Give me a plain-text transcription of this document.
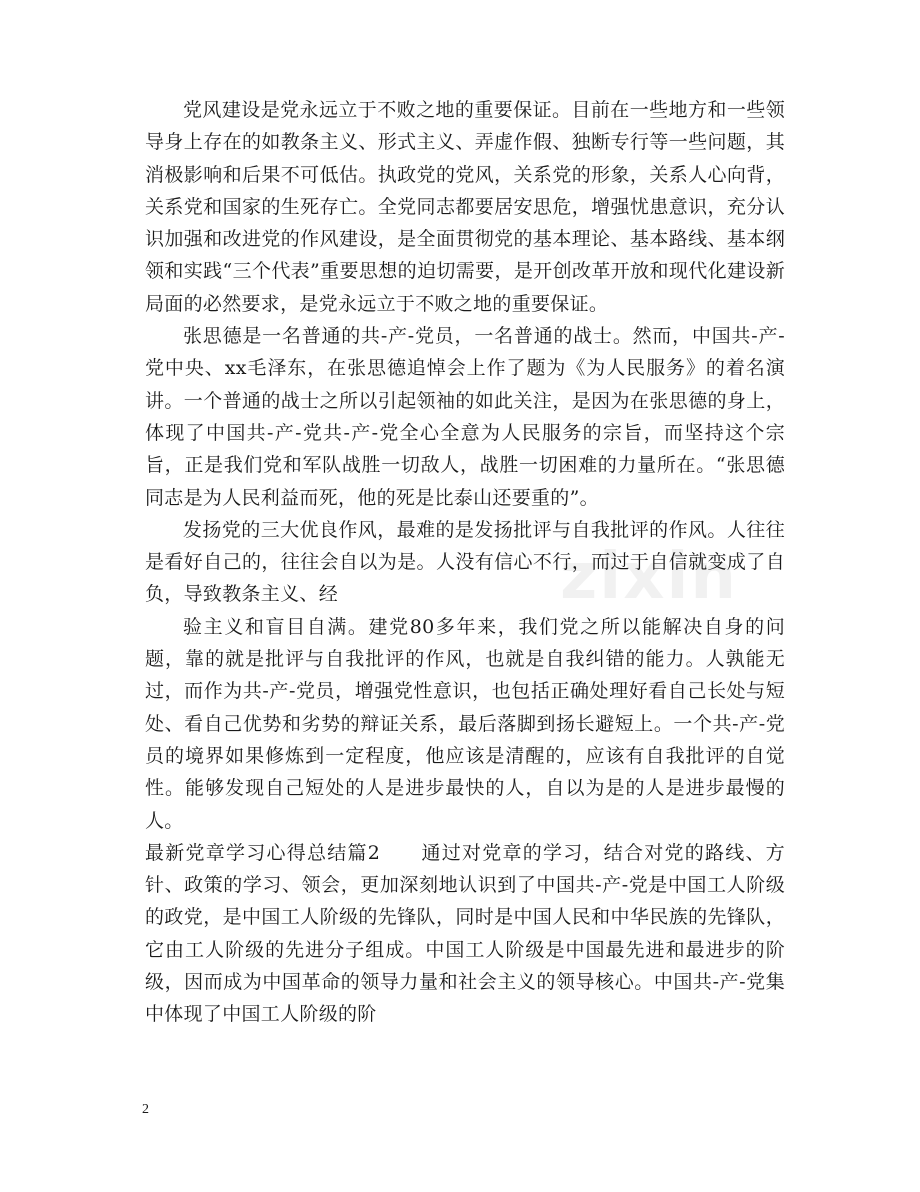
党风建设是党永远立于不败之地的重要保证。目前在一些地方和一些领导身上存在的如教条主义、形式主义、弄虚作假、独断专行等一些问题，其消极影响和后果不可低估。执政党的党风，关系党的形象，关系人心向背，关系党和国家的生死存亡。全党同志都要居安思危，增强忧患意识，充分认识加强和改进党的作风建设，是全面贯彻党的基本理论、基本路线、基本纲领和实践“三个代表”重要思想的迫切需要，是开创改革开放和现代化建设新局面的必然要求，是党永远立于不败之地的重要保证。

张思德是一名普通的共-产-党员，一名普通的战士。然而，中国共-产-党中央、xx毛泽东，在张思德追悼会上作了题为《为人民服务》的着名演讲。一个普通的战士之所以引起领袖的如此关注，是因为在张思德的身上，体现了中国共-产-党共-产-党全心全意为人民服务的宗旨，而坚持这个宗旨，正是我们党和军队战胜一切敌人，战胜一切困难的力量所在。“张思德同志是为人民利益而死，他的死是比泰山还要重的”。

发扬党的三大优良作风，最难的是发扬批评与自我批评的作风。人往往是看好自己的，往往会自以为是。人没有信心不行，而过于自信就变成了自负，导致教条主义、经

验主义和盲目自满。建党80多年来，我们党之所以能解决自身的问题，靠的就是批评与自我批评的作风，也就是自我纠错的能力。人孰能无过，而作为共-产-党员，增强党性意识，也包括正确处理好看自己长处与短处、看自己优势和劣势的辩证关系，最后落脚到扬长避短上。一个共-产-党员的境界如果修炼到一定程度，他应该是清醒的，应该有自我批评的自觉性。能够发现自己短处的人是进步最快的人，自以为是的人是进步最慢的人。

最新党章学习心得总结篇2　　通过对党章的学习，结合对党的路线、方针、政策的学习、领会，更加深刻地认识到了中国共-产-党是中国工人阶级的政党，是中国工人阶级的先锋队，同时是中国人民和中华民族的先锋队，它由工人阶级的先进分子组成。中国工人阶级是中国最先进和最进步的阶级，因而成为中国革命的领导力量和社会主义的领导核心。中国共-产-党集中体现了中国工人阶级的阶

zixin
2
